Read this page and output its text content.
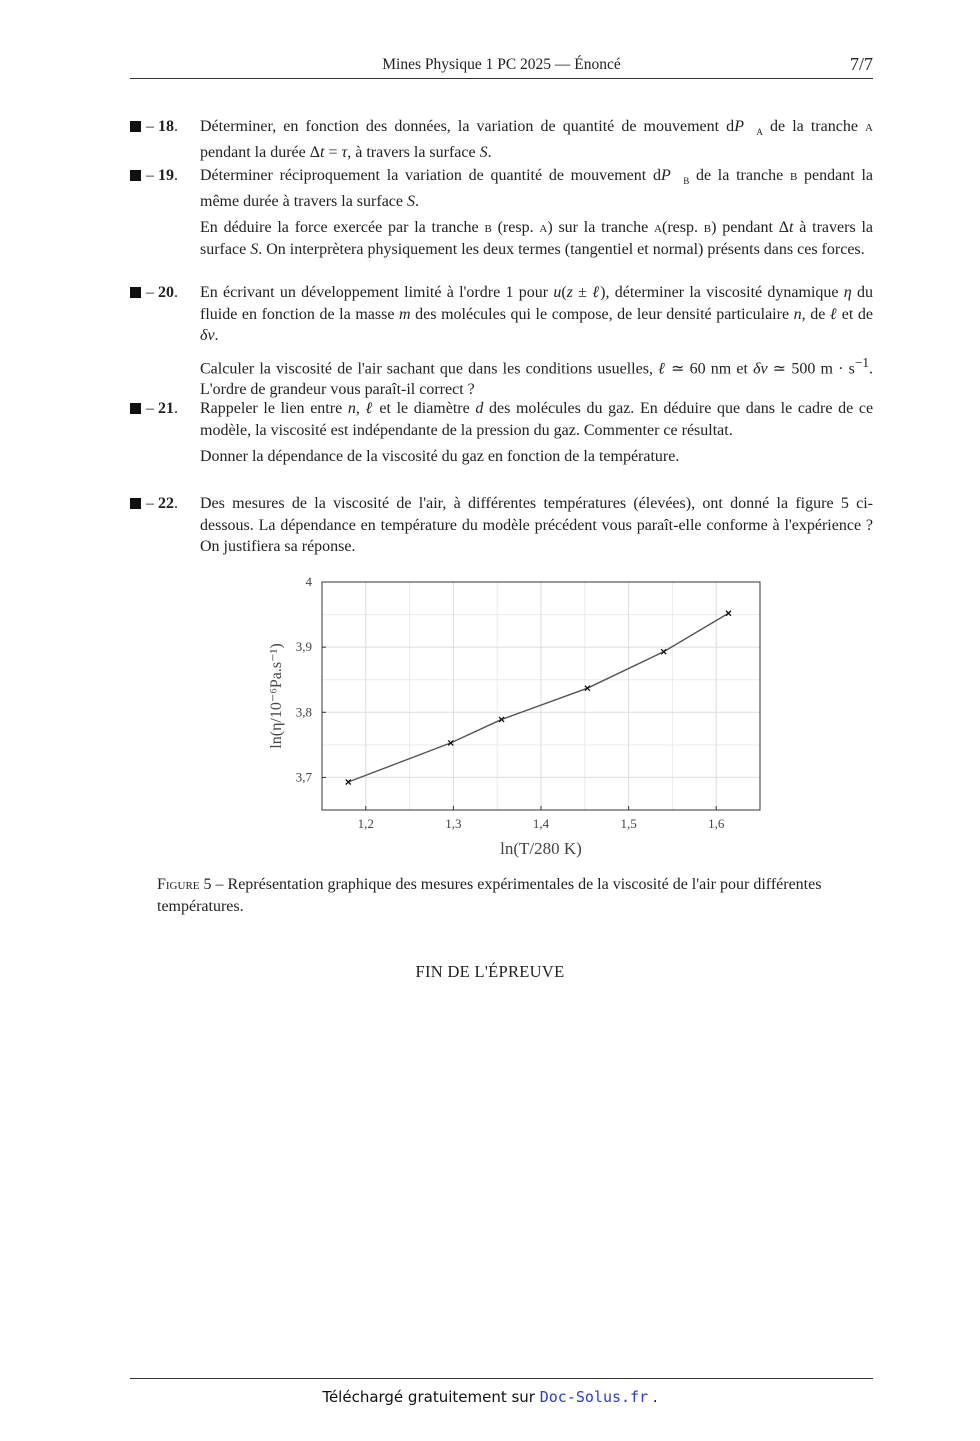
Mines Physique 1 PC 2025 — Énoncé	7/7
– 18.	Déterminer, en fonction des données, la variation de quantité de mouvement $dP⃗_a$ de la tranche a pendant la durée Δt = τ, à travers la surface S.

– 19.	Déterminer réciproquement la variation de quantité de mouvement $dP⃗_b$ de la tranche b pendant la même durée à travers la surface S.

En déduire la force exercée par la tranche b (resp. a) sur la tranche a(resp. b) pendant Δt à travers la surface S. On interprètera physiquement les deux termes (tangentiel et normal) présents dans ces forces.

– 20.	En écrivant un développement limité à l'ordre 1 pour u(z ± ℓ), déterminer la viscosité dynamique η du fluide en fonction de la masse m des molécules qui le compose, de leur densité particulaire n, de ℓ et de δv.

Calculer la viscosité de l'air sachant que dans les conditions usuelles, ℓ ≃ 60 nm et δv ≃ 500 $m \cdot s^{-1}$. L'ordre de grandeur vous paraît-il correct ?

– 21.	Rappeler le lien entre n, ℓ et le diamètre d des molécules du gaz. En déduire que dans le cadre de ce modèle, la viscosité est indépendante de la pression du gaz. Commenter ce résultat.

Donner la dépendance de la viscosité du gaz en fonction de la température.

– 22.	Des mesures de la viscosité de l'air, à différentes températures (élevées), ont donné la figure 5 ci-dessous. La dépendance en température du modèle précédent vous paraît-elle conforme à l'expérience ? On justifiera sa réponse.

1,2	1,3	1,4	1,5	1,6
3,7
3,8
3,9
4
ln(T/280 K)
ln(η/10⁻⁶Pa.s⁻¹)
Figure 5 – Représentation graphique des mesures expérimentales de la viscosité de l'air pour différentes températures.
FIN DE L'ÉPREUVE
Téléchargé gratuitement sur Doc-Solus.fr .
